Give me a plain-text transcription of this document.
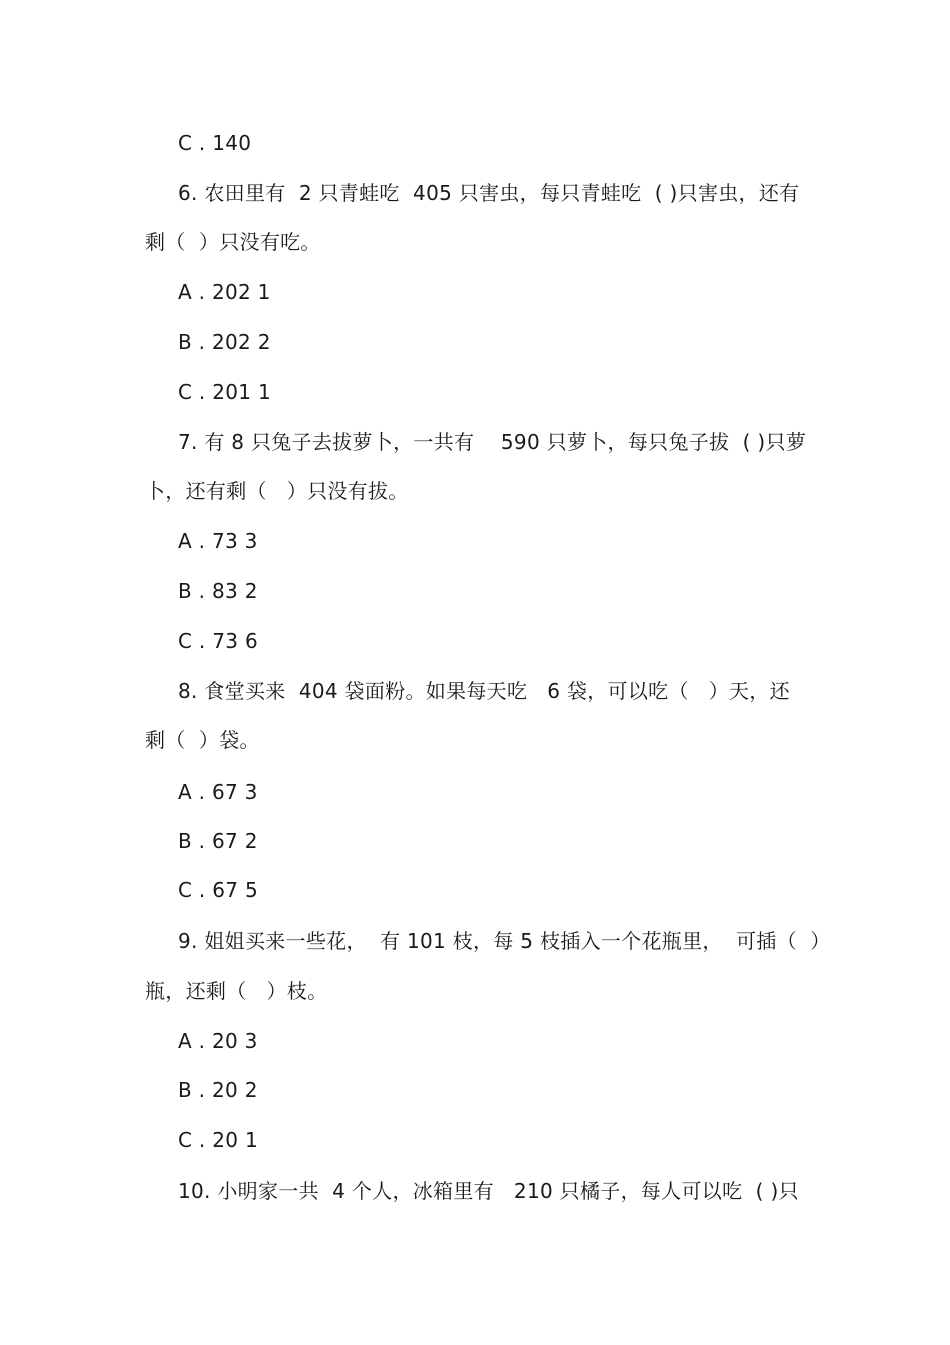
C . 140
6. 农田里有  2 只青蛙吃  405 只害虫，每只青蛙吃  ( )只害虫，还有
剩（  ）只没有吃。
A . 202 1
B . 202 2
C . 201 1
7. 有 8 只兔子去拔萝卜，一共有    590 只萝卜，每只兔子拔  ( )只萝
卜，还有剩（   ）只没有拔。
A . 73 3
B . 83 2
C . 73 6
8. 食堂买来  404 袋面粉。如果每天吃   6 袋，可以吃（   ）天，还
剩（  ）袋。
A . 67 3
B . 67 2
C . 67 5
9. 姐姐买来一些花，  有 101 枝，每 5 枝插入一个花瓶里，  可插（  ）
瓶，还剩（   ）枝。
A . 20 3
B . 20 2
C . 20 1
10. 小明家一共  4 个人，冰箱里有   210 只橘子，每人可以吃  ( )只
